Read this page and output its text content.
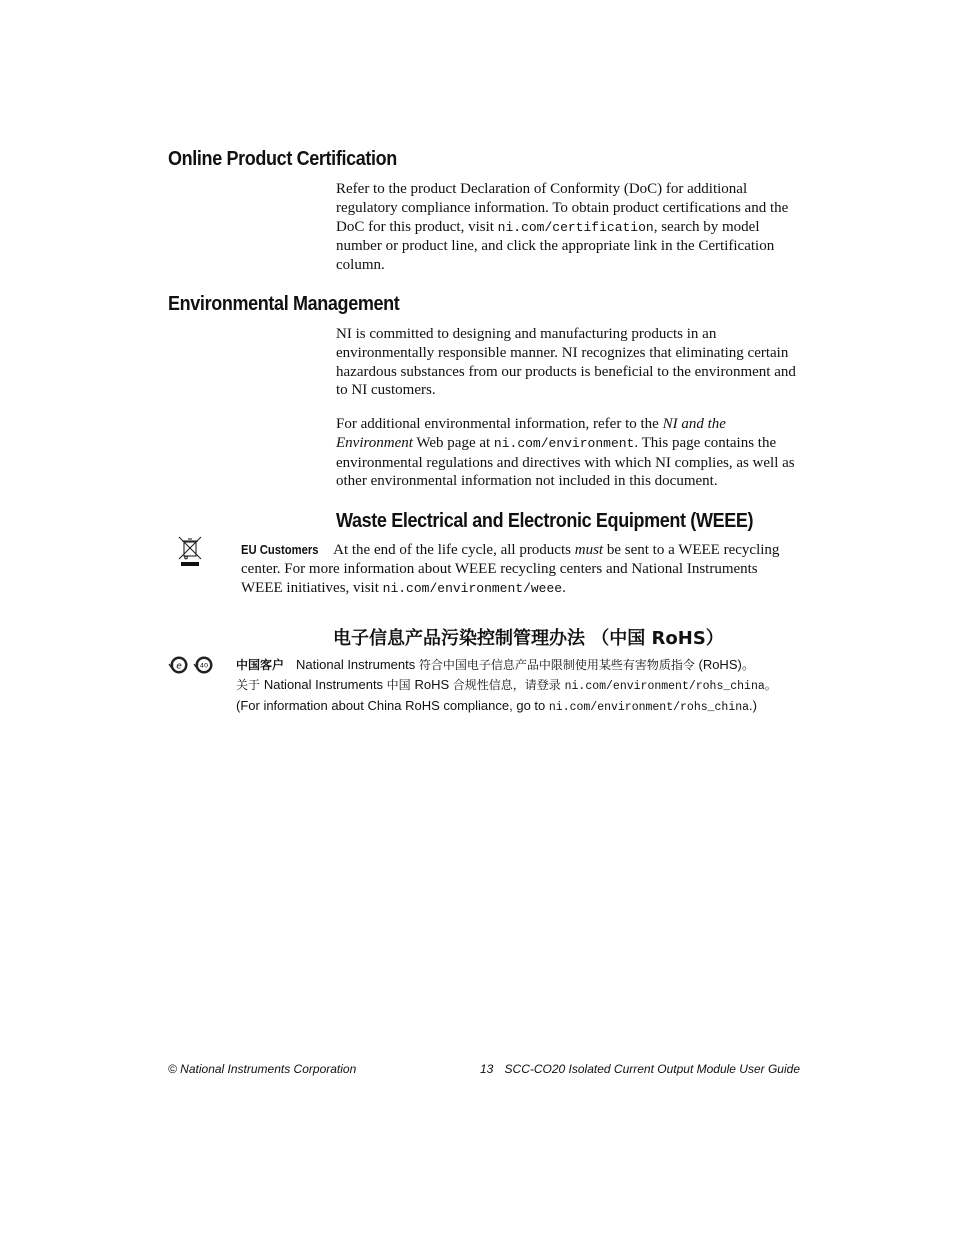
Online Product Certification

Refer to the product Declaration of Conformity (DoC) for additional regulatory compliance information. To obtain product certifications and the DoC for this product, visit ni.com/certification, search by model number or product line, and click the appropriate link in the Certification column.

Environmental Management

NI is committed to designing and manufacturing products in an environmentally responsible manner. NI recognizes that eliminating certain hazardous substances from our products is beneficial to the environment and to NI customers.

For additional environmental information, refer to the NI and the Environment Web page at ni.com/environment. This page contains the environmental regulations and directives with which NI complies, as well as other environmental information not included in this document.

Waste Electrical and Electronic Equipment (WEEE)

EU Customers At the end of the life cycle, all products must be sent to a WEEE recycling center. For more information about WEEE recycling centers and National Instruments WEEE initiatives, visit ni.com/environment/weee.

电子信息产品污染控制管理办法 （中国 RoHS）
e	40 中国客户 National Instruments 符合中国电子信息产品中限制使用某些有害物质指令 (RoHS)。
关于 National Instruments 中国 RoHS 合规性信息，请登录 ni.com/environment/rohs_china。
(For information about China RoHS compliance, go to ni.com/environment/rohs_china.)

© National Instruments Corporation	13 SCC-CO20 Isolated Current Output Module User Guide
